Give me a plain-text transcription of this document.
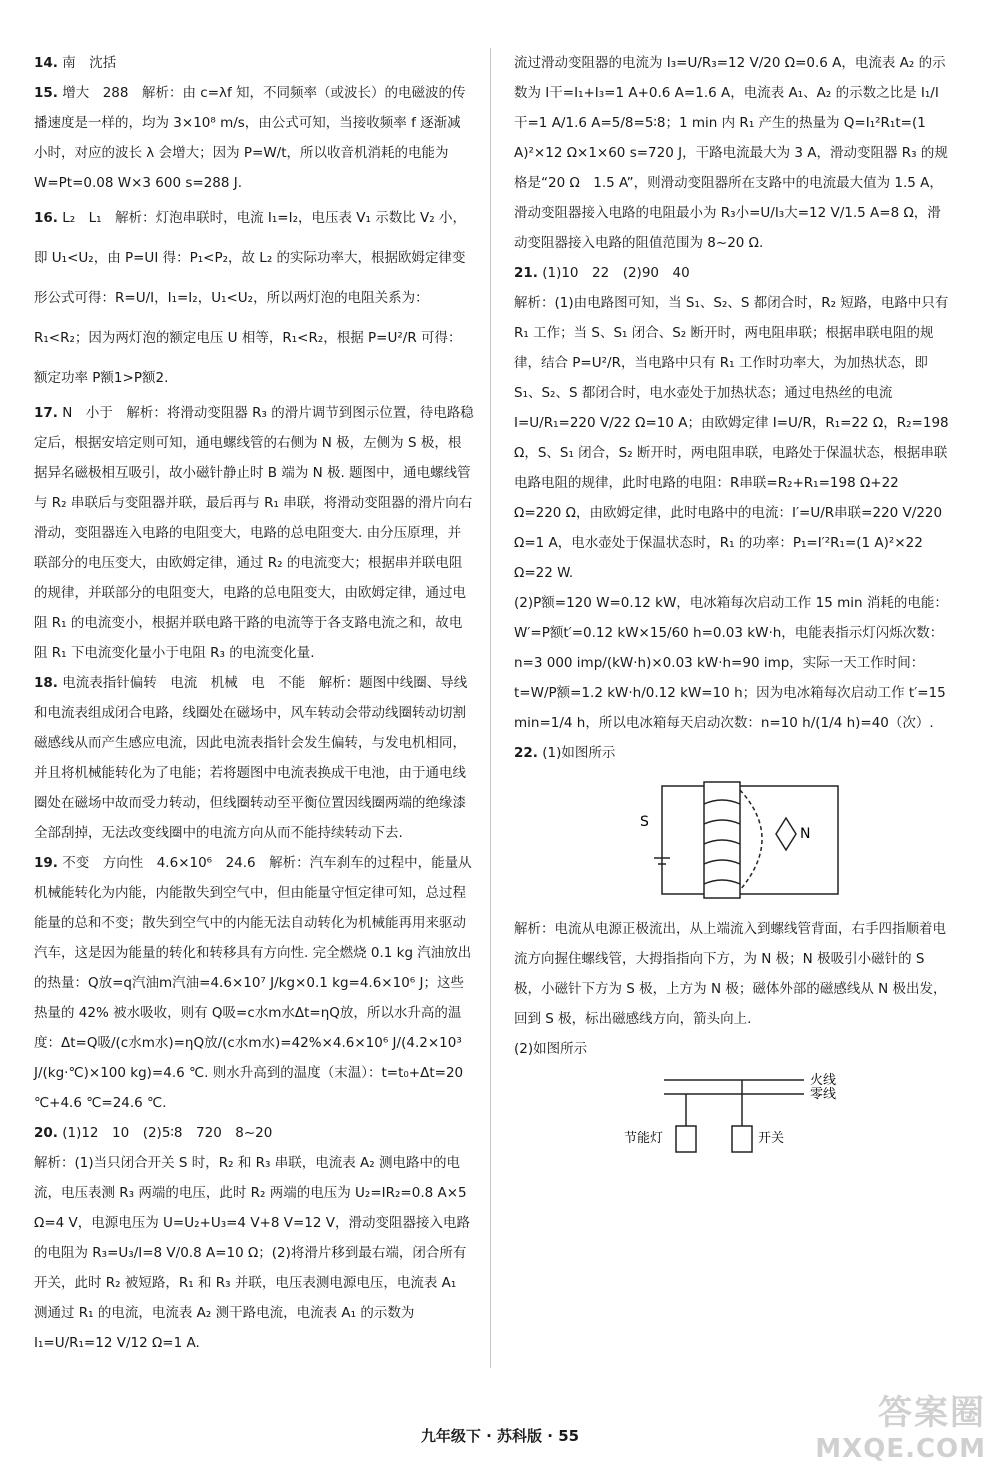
14. 南　沈括

15. 增大　288　解析：由 c=λf 知，不同频率（或波长）的电磁波的传播速度是一样的，均为 3×10⁸ m/s，由公式可知，当接收频率 f 逐渐减小时，对应的波长 λ 会增大；因为 P=W/t，所以收音机消耗的电能为 W=Pt=0.08 W×3 600 s=288 J.

16. L₂　L₁　解析：灯泡串联时，电流 I₁=I₂，电压表 V₁ 示数比 V₂ 小，即 U₁<U₂，由 P=UI 得：P₁<P₂，故 L₂ 的实际功率大，根据欧姆定律变形公式可得：R=U/I，I₁=I₂，U₁<U₂，所以两灯泡的电阻关系为：R₁<R₂；因为两灯泡的额定电压 U 相等，R₁<R₂，根据 P=U²/R 可得：额定功率 P额1>P额2.

17. N　小于　解析：将滑动变阻器 R₃ 的滑片调节到图示位置，待电路稳定后，根据安培定则可知，通电螺线管的右侧为 N 极，左侧为 S 极，根据异名磁极相互吸引，故小磁针静止时 B 端为 N 极. 题图中，通电螺线管与 R₂ 串联后与变阻器并联，最后再与 R₁ 串联，将滑动变阻器的滑片向右滑动，变阻器连入电路的电阻变大，电路的总电阻变大. 由分压原理，并联部分的电压变大，由欧姆定律，通过 R₂ 的电流变大；根据串并联电阻的规律，并联部分的电阻变大，电路的总电阻变大，由欧姆定律，通过电阻 R₁ 的电流变小，根据并联电路干路的电流等于各支路电流之和，故电阻 R₁ 下电流变化量小于电阻 R₃ 的电流变化量.

18. 电流表指针偏转　电流　机械　电　不能　解析：题图中线圈、导线和电流表组成闭合电路，线圈处在磁场中，风车转动会带动线圈转动切割磁感线从而产生感应电流，因此电流表指针会发生偏转，与发电机相同，并且将机械能转化为了电能；若将题图中电流表换成干电池，由于通电线圈处在磁场中故而受力转动，但线圈转动至平衡位置因线圈两端的绝缘漆全部刮掉，无法改变线圈中的电流方向从而不能持续转动下去.

19. 不变　方向性　4.6×10⁶　24.6　解析：汽车刹车的过程中，能量从机械能转化为内能，内能散失到空气中，但由能量守恒定律可知，总过程能量的总和不变；散失到空气中的内能无法自动转化为机械能再用来驱动汽车，这是因为能量的转化和转移具有方向性. 完全燃烧 0.1 kg 汽油放出的热量：Q放=q汽油m汽油=4.6×10⁷ J/kg×0.1 kg=4.6×10⁶ J；这些热量的 42% 被水吸收，则有 Q吸=c水m水Δt=ηQ放，所以水升高的温度：Δt=Q吸/(c水m水)=ηQ放/(c水m水)=42%×4.6×10⁶ J/(4.2×10³ J/(kg·℃)×100 kg)=4.6 ℃. 则水升高到的温度（末温）：t=t₀+Δt=20 ℃+4.6 ℃=24.6 ℃.

20. (1)12　10　(2)5∶8　720　8~20

解析：(1)当只闭合开关 S 时，R₂ 和 R₃ 串联，电流表 A₂ 测电路中的电流，电压表测 R₃ 两端的电压，此时 R₂ 两端的电压为 U₂=IR₂=0.8 A×5 Ω=4 V，电源电压为 U=U₂+U₃=4 V+8 V=12 V，滑动变阻器接入电路的电阻为 R₃=U₃/I=8 V/0.8 A=10 Ω；(2)将滑片移到最右端，闭合所有开关，此时 R₂ 被短路，R₁ 和 R₃ 并联，电压表测电源电压，电流表 A₁ 测通过 R₁ 的电流，电流表 A₂ 测干路电流，电流表 A₁ 的示数为 I₁=U/R₁=12 V/12 Ω=1 A.

流过滑动变阻器的电流为 I₃=U/R₃=12 V/20 Ω=0.6 A，电流表 A₂ 的示数为 I干=I₁+I₃=1 A+0.6 A=1.6 A，电流表 A₁、A₂ 的示数之比是 I₁/I干=1 A/1.6 A=5/8=5∶8；1 min 内 R₁ 产生的热量为 Q=I₁²R₁t=(1 A)²×12 Ω×1×60 s=720 J，干路电流最大为 3 A，滑动变阻器 R₃ 的规格是“20 Ω　1.5 A”，则滑动变阻器所在支路中的电流最大值为 1.5 A，滑动变阻器接入电路的电阻最小为 R₃小=U/I₃大=12 V/1.5 A=8 Ω，滑动变阻器接入电路的阻值范围为 8~20 Ω.

21. (1)10　22　(2)90　40

解析：(1)由电路图可知，当 S₁、S₂、S 都闭合时，R₂ 短路，电路中只有 R₁ 工作；当 S、S₁ 闭合、S₂ 断开时，两电阻串联；根据串联电阻的规律，结合 P=U²/R，当电路中只有 R₁ 工作时功率大，为加热状态，即 S₁、S₂、S 都闭合时，电水壶处于加热状态；通过电热丝的电流 I=U/R₁=220 V/22 Ω=10 A；由欧姆定律 I=U/R，R₁=22 Ω，R₂=198 Ω，S、S₁ 闭合，S₂ 断开时，两电阻串联，电路处于保温状态，根据串联电路电阻的规律，此时电路的电阻：R串联=R₂+R₁=198 Ω+22 Ω=220 Ω，由欧姆定律，此时电路中的电流：I′=U/R串联=220 V/220 Ω=1 A，电水壶处于保温状态时，R₁ 的功率：P₁=I′²R₁=(1 A)²×22 Ω=22 W.

(2)P额=120 W=0.12 kW，电冰箱每次启动工作 15 min 消耗的电能：W′=P额t′=0.12 kW×15/60 h=0.03 kW·h，电能表指示灯闪烁次数：n=3 000 imp/(kW·h)×0.03 kW·h=90 imp，实际一天工作时间：t=W/P额=1.2 kW·h/0.12 kW=10 h；因为电冰箱每次启动工作 t′=15 min=1/4 h，所以电冰箱每天启动次数：n=10 h/(1/4 h)=40（次）.

22. (1)如图所示

S
N

解析：电流从电源正极流出，从上端流入到螺线管背面，右手四指顺着电流方向握住螺线管，大拇指指向下方，为 N 极；N 极吸引小磁针的 S 极，小磁针下方为 S 极，上方为 N 极；磁体外部的磁感线从 N 极出发，回到 S 极，标出磁感线方向，箭头向上.

(2)如图所示

火线
零线
节能灯	开关
九年级下 · 苏科版 · 55
答案圈
MXQE.COM
